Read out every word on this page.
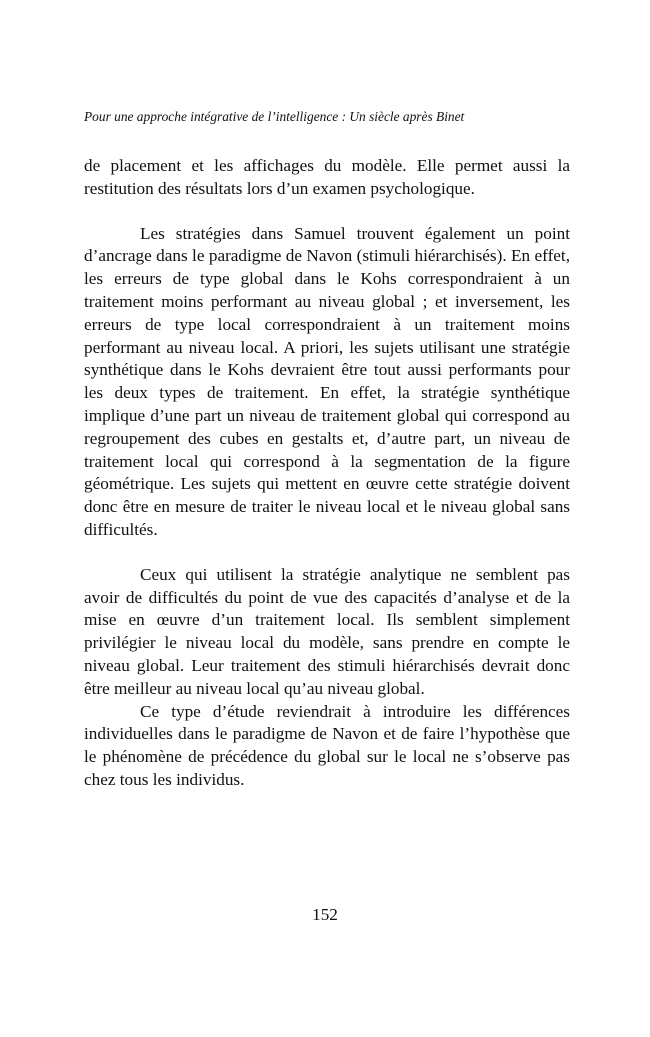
Pour une approche intégrative de l’intelligence : Un siècle après Binet

de placement et les affichages du modèle. Elle permet aussi la restitution des résultats lors d’un examen psychologique.

Les stratégies dans Samuel trouvent également un point d’ancrage dans le paradigme de Navon (stimuli hiérarchisés). En effet, les erreurs de type global dans le Kohs correspondraient à un traitement moins performant au niveau global ; et inversement, les erreurs de type local correspondraient à un traitement moins performant au niveau local. A priori, les sujets utilisant une stratégie synthétique dans le Kohs devraient être tout aussi performants pour les deux types de traitement. En effet, la stratégie synthétique implique d’une part un niveau de traitement global qui correspond au regroupement des cubes en gestalts et, d’autre part, un niveau de traitement local qui correspond à la segmentation de la figure géométrique. Les sujets qui mettent en œuvre cette stratégie doivent donc être en mesure de traiter le niveau local et le niveau global sans difficultés.

Ceux qui utilisent la stratégie analytique ne semblent pas avoir de difficultés du point de vue des capacités d’analyse et de la mise en œuvre d’un traitement local. Ils semblent simplement privilégier le niveau local du modèle, sans prendre en compte le niveau global. Leur traitement des stimuli hiérarchisés devrait donc être meilleur au niveau local qu’au niveau global.

Ce type d’étude reviendrait à introduire les différences individuelles dans le paradigme de Navon et de faire l’hypothèse que le phénomène de précédence du global sur le local ne s’observe pas chez tous les individus.

152
